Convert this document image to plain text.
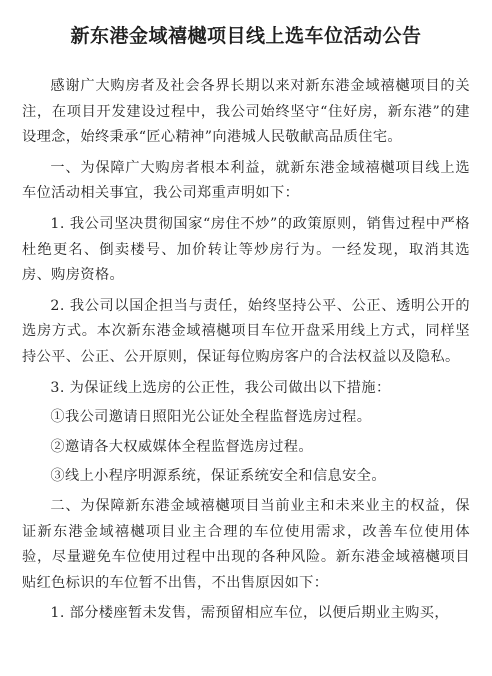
新东港金域禧樾项目线上选车位活动公告

感谢广大购房者及社会各界长期以来对新东港金域禧樾项目的关注，在项目开发建设过程中，我公司始终坚守“住好房，新东港”的建设理念，始终秉承“匠心精神”向港城人民敬献高品质住宅。

一、为保障广大购房者根本利益，就新东港金域禧樾项目线上选车位活动相关事宜，我公司郑重声明如下：

1. 我公司坚决贯彻国家“房住不炒”的政策原则，销售过程中严格杜绝更名、倒卖楼号、加价转让等炒房行为。一经发现，取消其选房、购房资格。

2. 我公司以国企担当与责任，始终坚持公平、公正、透明公开的选房方式。本次新东港金域禧樾项目车位开盘采用线上方式，同样坚持公平、公正、公开原则，保证每位购房客户的合法权益以及隐私。

3. 为保证线上选房的公正性，我公司做出以下措施：

①我公司邀请日照阳光公证处全程监督选房过程。

②邀请各大权威媒体全程监督选房过程。

③线上小程序明源系统，保证系统安全和信息安全。

二、为保障新东港金域禧樾项目当前业主和未来业主的权益，保证新东港金域禧樾项目业主合理的车位使用需求，改善车位使用体验，尽量避免车位使用过程中出现的各种风险。新东港金域禧樾项目贴红色标识的车位暂不出售，不出售原因如下：

1. 部分楼座暂未发售，需预留相应车位，以便后期业主购买，
